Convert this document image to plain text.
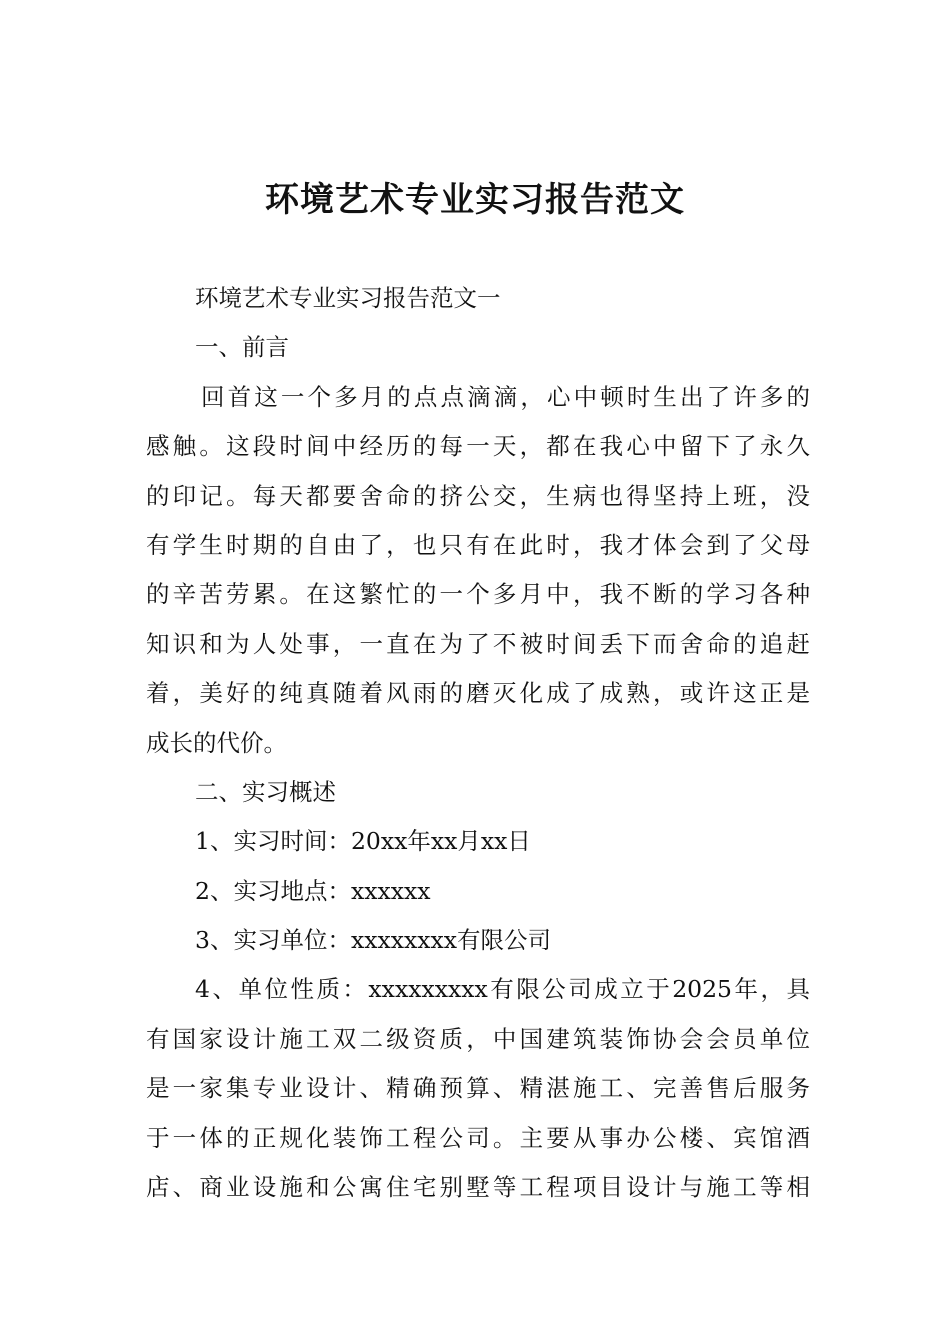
环境艺术专业实习报告范文
环境艺术专业实习报告范文一
一、前言
回首这一个多月的点点滴滴，心中顿时生出了许多的
感触。这段时间中经历的每一天，都在我心中留下了永久
的印记。每天都要舍命的挤公交，生病也得坚持上班，没
有学生时期的自由了，也只有在此时，我才体会到了父母
的辛苦劳累。在这繁忙的一个多月中，我不断的学习各种
知识和为人处事，一直在为了不被时间丢下而舍命的追赶
着，美好的纯真随着风雨的磨灭化成了成熟，或许这正是
成长的代价。
二、实习概述
1、实习时间：20xx年xx月xx日
2、实习地点：xxxxxx
3、实习单位：xxxxxxxx有限公司
4、单位性质：xxxxxxxxx有限公司成立于2025年，具
有国家设计施工双二级资质，中国建筑装饰协会会员单位
是一家集专业设计、精确预算、精湛施工、完善售后服务
于一体的正规化装饰工程公司。主要从事办公楼、宾馆酒
店、商业设施和公寓住宅别墅等工程项目设计与施工等相
